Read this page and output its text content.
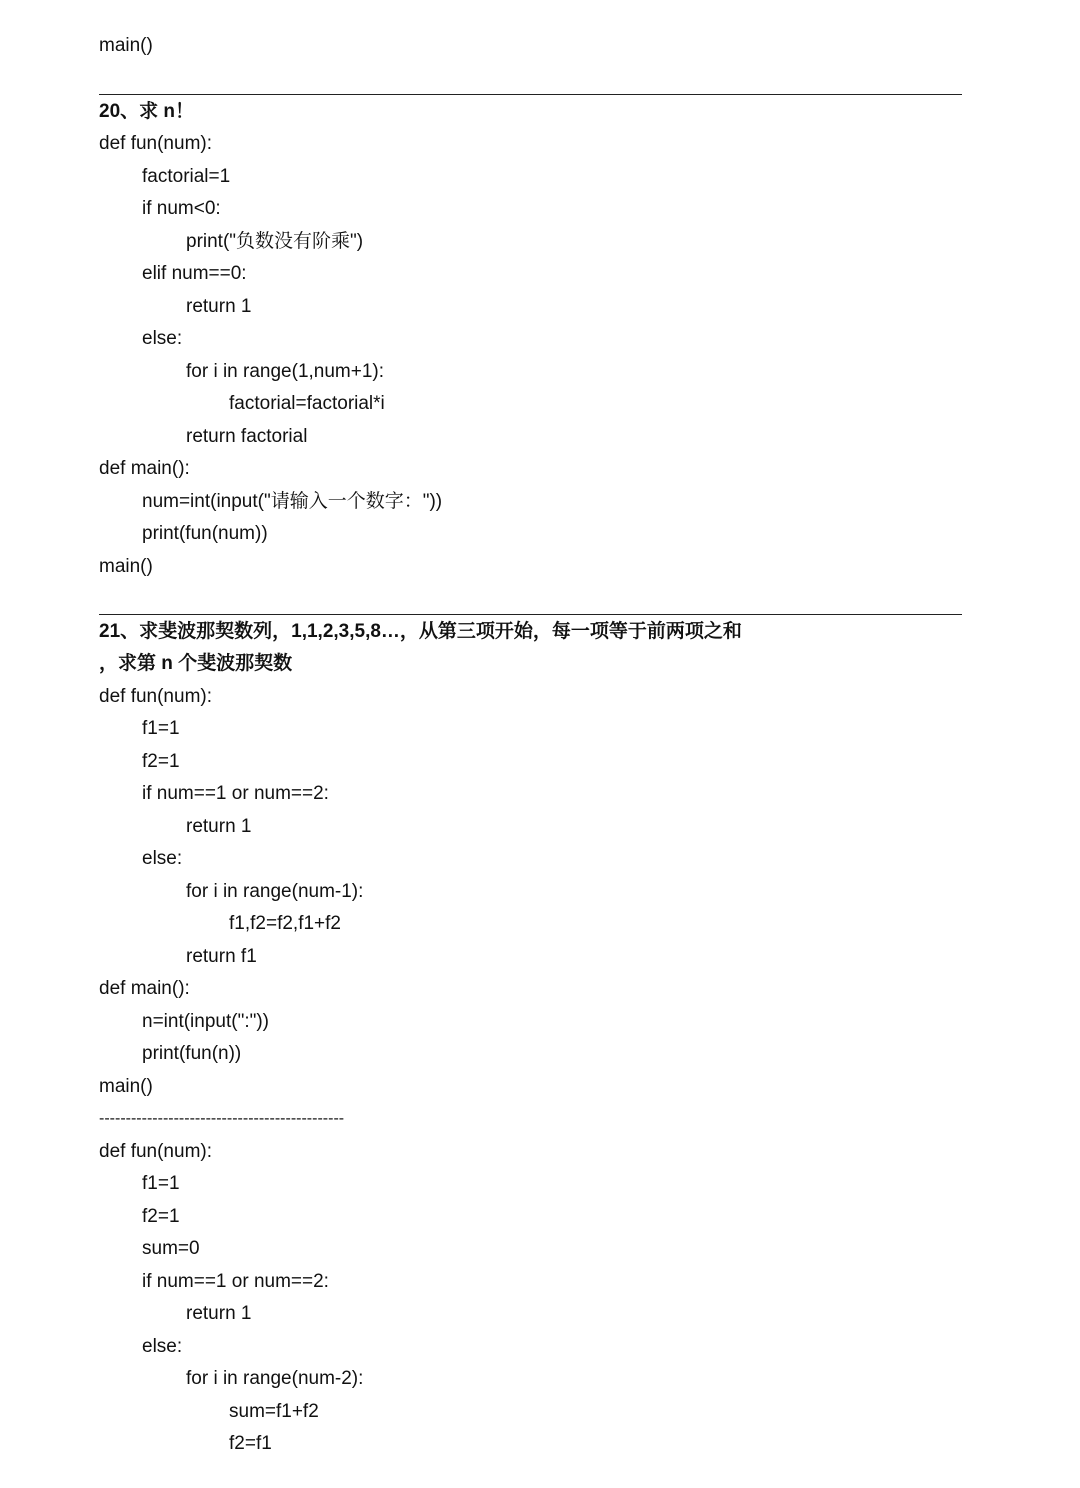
main()
20、求 n！
def fun(num):
factorial=1
if num<0:
print("负数没有阶乘")
elif num==0:
return 1
else:
for i in range(1,num+1):
factorial=factorial*i
return factorial
def main():
num=int(input("请输入一个数字："))
print(fun(num))
main()
21、求斐波那契数列，1,1,2,3,5,8…，从第三项开始，每一项等于前两项之和
，求第 n 个斐波那契数
def fun(num):
f1=1
f2=1
if num==1 or num==2:
return 1
else:
for i in range(num-1):
f1,f2=f2,f1+f2
return f1
def main():
n=int(input(":"))
print(fun(n))
main()
----------------------------------------------
def fun(num):
f1=1
f2=1
sum=0
if num==1 or num==2:
return 1
else:
for i in range(num-2):
sum=f1+f2
f2=f1
